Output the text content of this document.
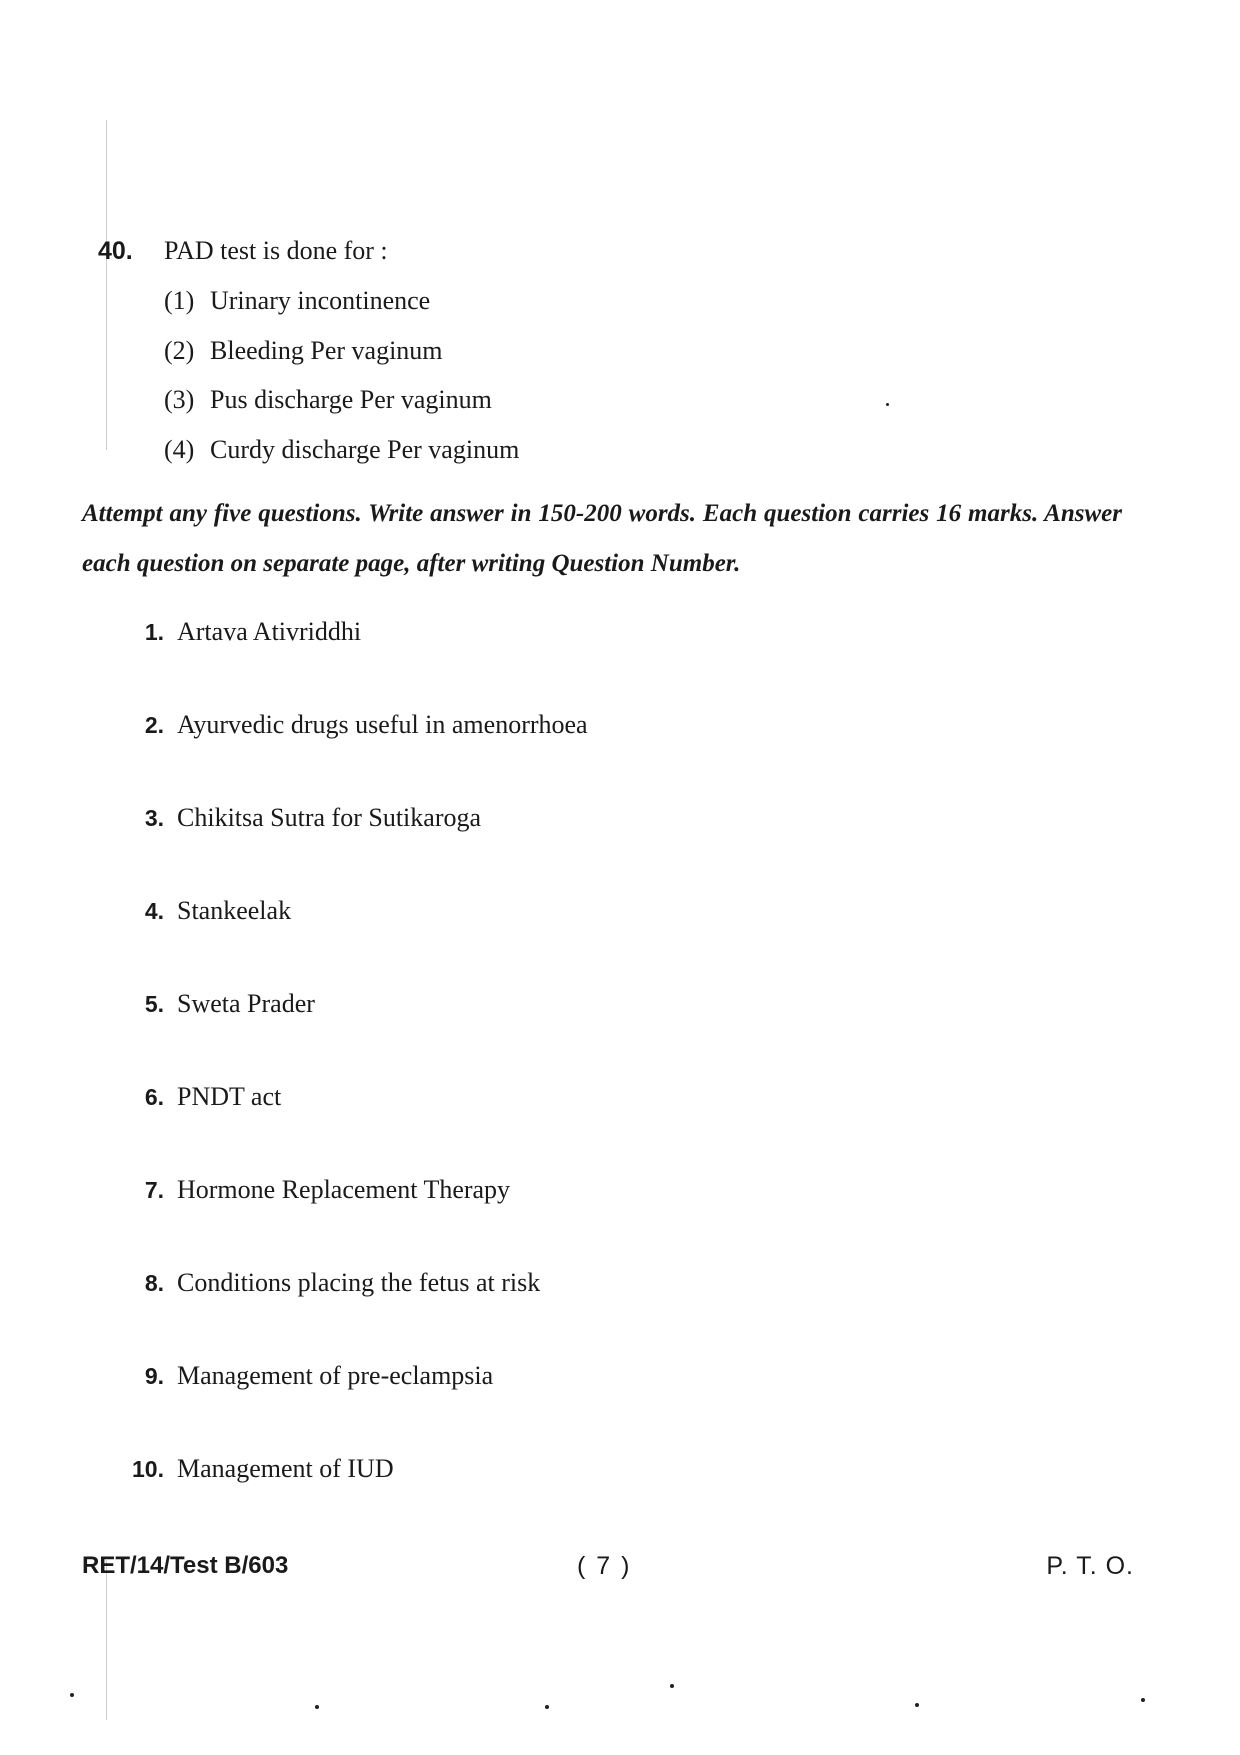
40.	PAD test is done for :
(1) Urinary incontinence
(2) Bleeding Per vaginum
(3) Pus discharge Per vaginum
(4) Curdy discharge Per vaginum
Attempt any five questions. Write answer in 150-200 words. Each question carries 16 marks. Answer each question on separate page, after writing Question Number.
1. Artava Ativriddhi
2. Ayurvedic drugs useful in amenorrhoea
3. Chikitsa Sutra for Sutikaroga
4. Stankeelak
5. Sweta Prader
6. PNDT act
7. Hormone Replacement Therapy
8. Conditions placing the fetus at risk
9. Management of pre-eclampsia
10. Management of IUD
RET/14/Test B/603	( 7 )	P. T. O.
